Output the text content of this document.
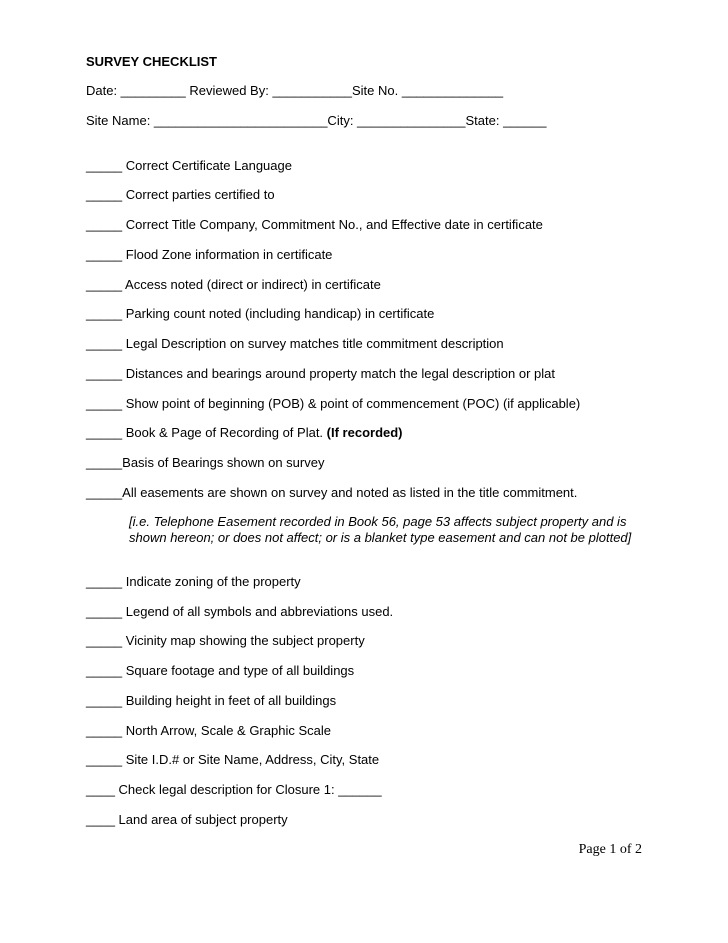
SURVEY CHECKLIST
Date: _________ Reviewed By: ___________Site No. ______________
Site Name: ________________________City: _______________State: ______
_____ Correct Certificate Language
_____ Correct parties certified to
_____ Correct Title Company, Commitment No., and Effective date in certificate
_____ Flood Zone information in certificate
_____ Access noted (direct or indirect) in certificate
_____ Parking count noted (including handicap) in certificate
_____ Legal Description on survey matches title commitment description
_____ Distances and bearings around property match the legal description or plat
_____ Show point of beginning (POB) & point of commencement (POC) (if applicable)
_____ Book & Page of Recording of Plat. (If recorded)
_____Basis of Bearings shown on survey
_____All easements are shown on survey and noted as listed in the title commitment.
[i.e. Telephone Easement recorded in Book 56, page 53 affects subject property and is shown hereon; or does not affect; or is a blanket type easement and can not be plotted]
_____ Indicate zoning of the property
_____ Legend of all symbols and abbreviations used.
_____ Vicinity map showing the subject property
_____ Square footage and type of all buildings
_____ Building height in feet of all buildings
_____ North Arrow, Scale & Graphic Scale
_____ Site I.D.# or Site Name, Address, City, State
____ Check legal description for Closure 1: ______
____ Land area of subject property
Page 1 of 2
